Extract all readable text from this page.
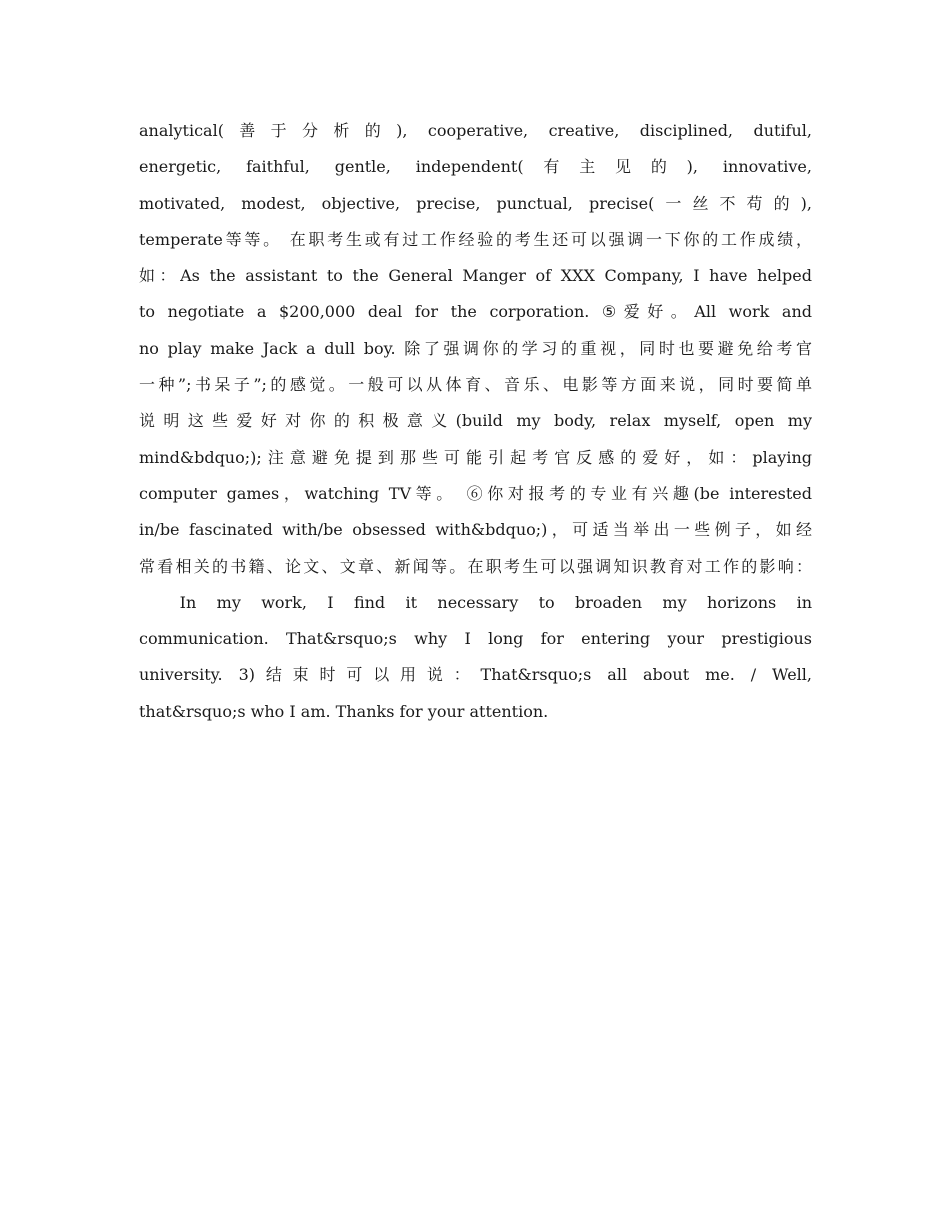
analytical(善于分析的), cooperative, creative, disciplined, dutiful,
energetic, faithful, gentle, independent(有主见的), innovative,
motivated, modest, objective, precise, punctual, precise(一丝不苟的),
temperate等等。 在职考生或有过工作经验的考生还可以强调一下你的工作成绩，
如：As the assistant to the General Manger of XXX Company, I have helped
to negotiate a $200,000 deal for the corporation. ⑤爱好。All work and
no play make Jack a dull boy. 除了强调你的学习的重视，同时也要避免给考官
一种”;书呆子”;的感觉。一般可以从体育、音乐、电影等方面来说，同时要简单
说明这些爱好对你的积极意义(build my body, relax myself, open my
mind&bdquo;);注意避免提到那些可能引起考官反感的爱好，如：playing
computer games，watching TV等。 ⑥你对报考的专业有兴趣(be interested
in/be fascinated with/be obsessed with&bdquo;)，可适当举出一些例子，如经
常看相关的书籍、论文、文章、新闻等。在职考生可以强调知识教育对工作的影响：
In my work, I find it necessary to broaden my horizons in
communication. That&rsquo;s why I long for entering your prestigious
university. 3)结束时可以用说：That&rsquo;s all about me. / Well,
that&rsquo;s who I am. Thanks for your attention.
